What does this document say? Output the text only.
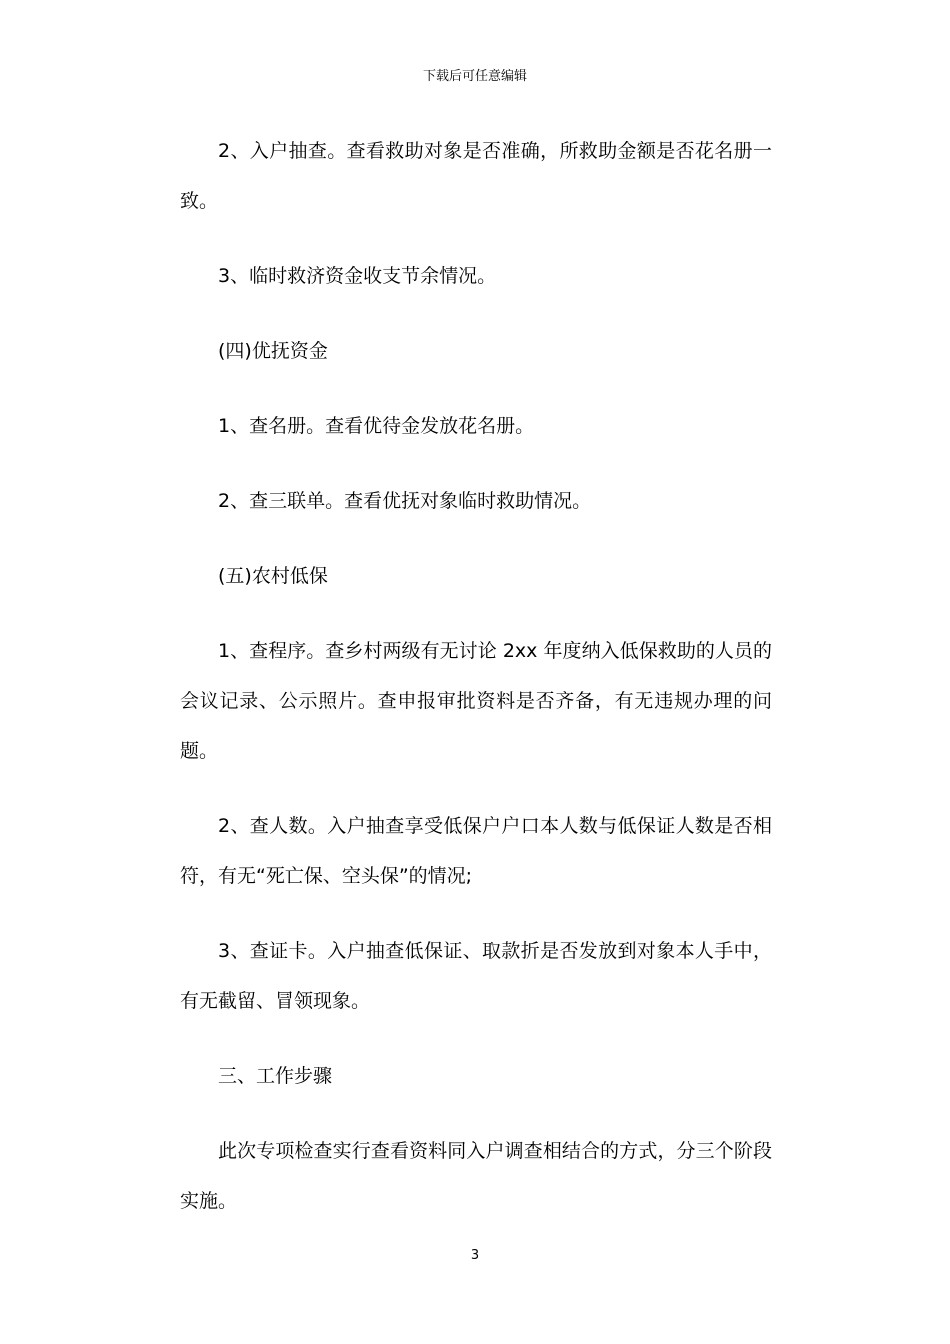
下载后可任意编辑

2、入户抽查。查看救助对象是否准确，所救助金额是否花名册一致。

3、临时救济资金收支节余情况。

(四)优抚资金

1、查名册。查看优待金发放花名册。

2、查三联单。查看优抚对象临时救助情况。

(五)农村低保

1、查程序。查乡村两级有无讨论 2xx 年度纳入低保救助的人员的会议记录、公示照片。查申报审批资料是否齐备，有无违规办理的问题。

2、查人数。入户抽查享受低保户户口本人数与低保证人数是否相符，有无“死亡保、空头保”的情况;

3、查证卡。入户抽查低保证、取款折是否发放到对象本人手中，有无截留、冒领现象。

三、工作步骤

此次专项检查实行查看资料同入户调查相结合的方式，分三个阶段实施。

3
